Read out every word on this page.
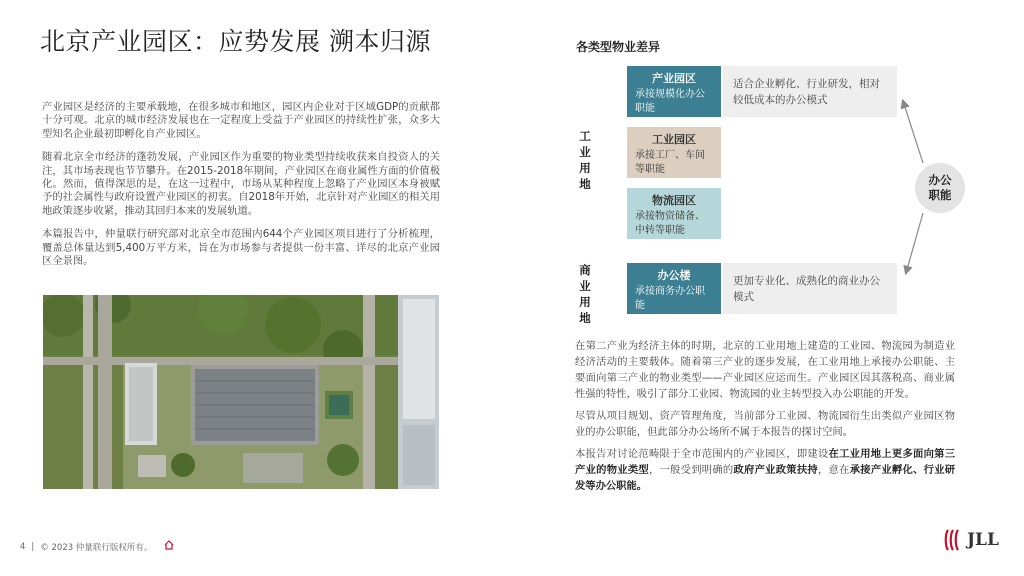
北京产业园区：应势发展 溯本归源

产业园区是经济的主要承载地，在很多城市和地区，园区内企业对于区域GDP的贡献都十分可观。北京的城市经济发展也在一定程度上受益于产业园区的持续性扩张，众多大型知名企业最初即孵化自产业园区。

随着北京全市经济的蓬勃发展，产业园区作为重要的物业类型持续收获来自投资人的关注，其市场表现也节节攀升。在2015-2018年期间，产业园区在商业属性方面的价值极化。然而，值得深思的是，在这一过程中，市场从某种程度上忽略了产业园区本身被赋予的社会属性与政府设置产业园区的初衷。自2018年开始，北京针对产业园区的相关用地政策逐步收紧，推动其回归本来的发展轨道。

本篇报告中，仲量联行研究部对北京全市范围内644个产业园区项目进行了分析梳理，覆盖总体量达到5,400万平方米，旨在为市场参与者提供一份丰富、详尽的北京产业园区全景图。

各类型物业差异
工业用地
商业用地
产业园区
承接规模化办公职能
工业园区
承接工厂、车间等职能
物流园区
承接物资储备、中转等职能
办公楼
承接商务办公职能
适合企业孵化、行业研发，相对较低成本的办公模式
更加专业化、成熟化的商业办公模式
办公职能

在第二产业为经济主体的时期，北京的工业用地上建造的工业园、物流园为制造业经济活动的主要载体。随着第三产业的逐步发展，在工业用地上承接办公职能、主要面向第三产业的物业类型——产业园区应运而生。产业园区因其落税高、商业属性强的特性，吸引了部分工业园、物流园的业主转型投入办公职能的开发。

尽管从项目规划、资产管理角度，当前部分工业园、物流园衍生出类似产业园区物业的办公职能，但此部分办公场所不属于本报告的探讨空间。

本报告对讨论范畴限于全市范围内的产业园区，即建设在工业用地上更多面向第三产业的物业类型，一般受到明确的政府产业政策扶持，意在承接产业孵化、行业研发等办公职能。

4 | © 2023 仲量联行版权所有。	JLL
